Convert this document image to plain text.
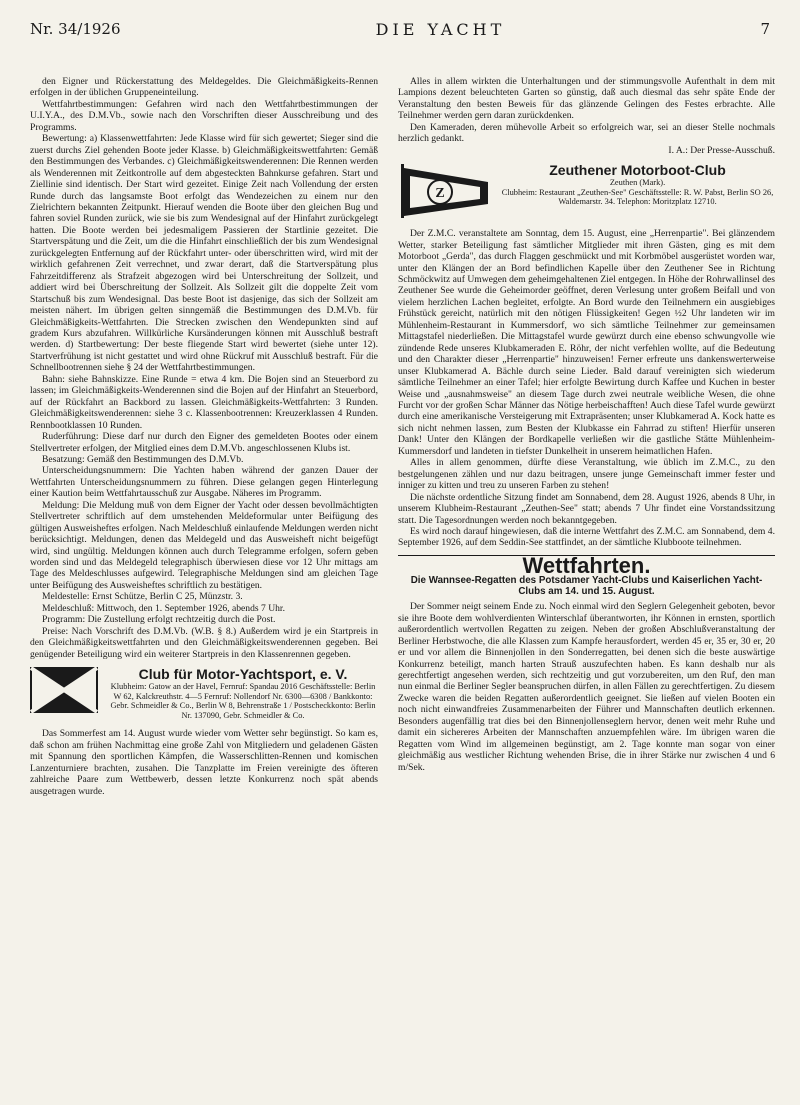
Nr. 34/1926	DIE YACHT	7

den Eigner und Rückerstattung des Meldegeldes. Die Gleichmäßigkeits-Rennen erfolgen in der üblichen Gruppeneinteilung.

Wettfahrtbestimmungen: Gefahren wird nach den Wettfahrtbestimmungen der U.I.Y.A., des D.M.Vb., sowie nach den Vorschriften dieser Ausschreibung und des Programms.

Bewertung: a) Klassenwettfahrten: Jede Klasse wird für sich gewertet; Sieger sind die zuerst durchs Ziel gehenden Boote jeder Klasse. b) Gleichmäßigkeitswettfahrten: Gemäß den Bestimmungen des Verbandes. c) Gleichmäßigkeitswenderennen: Die Rennen werden als Wenderennen mit Zeitkontrolle auf dem abgesteckten Bahnkurse gefahren. Start und Ziellinie sind identisch. Der Start wird gezeitet. Einige Zeit nach Vollendung der ersten Runde durch das langsamste Boot erfolgt das Wendezeichen zu einem nur den Zielrichtern bekannten Zeitpunkt. Hierauf wenden die Boote über den gleichen Bug und fahren soviel Runden zurück, wie sie bis zum Wendesignal auf der Hinfahrt zurückgelegt hatten. Die Boote werden bei jedesmaligem Passieren der Startlinie gezeitet. Die Startverspätung und die Zeit, um die die Hinfahrt einschließlich der bis zum Wendesignal zurückgelegten Entfernung auf der Rückfahrt unter- oder überschritten wird, wird mit der wirklich gefahrenen Zeit verrechnet, und zwar derart, daß die Startverspätung plus Fahrzeitdifferenz als Strafzeit abgezogen wird bei Unterschreitung der Sollzeit, und addiert wird bei Überschreitung der Sollzeit. Als Sollzeit gilt die doppelte Zeit vom Startschuß bis zum Wendesignal. Das beste Boot ist dasjenige, das sich der Sollzeit am meisten nähert. Im übrigen gelten sinngemäß die Bestimmungen des D.M.Vb. für Gleichmäßigkeits-Wettfahrten. Die Strecken zwischen den Wendepunkten sind auf gradem Kurs abzufahren. Willkürliche Kursänderungen können mit Ausschluß bestraft werden. d) Startbewertung: Der beste fliegende Start wird bewertet (siehe unter 12). Startverfrühung ist nicht gestattet und wird ohne Rückruf mit Ausschluß bestraft. Für die Schnellbootrennen siehe § 24 der Wettfahrtbestimmungen.

Bahn: siehe Bahnskizze. Eine Runde = etwa 4 km. Die Bojen sind an Steuerbord zu lassen; im Gleichmäßigkeits-Wenderennen sind die Bojen auf der Hinfahrt an Steuerbord, auf der Rückfahrt an Backbord zu lassen. Gleichmäßigkeits-Wettfahrten: 3 Runden. Gleichmäßigkeitswenderennen: siehe 3 c. Klassenbootrennen: Kreuzerklassen 4 Runden. Rennbootklassen 10 Runden.

Ruderführung: Diese darf nur durch den Eigner des gemeldeten Bootes oder einem Stellvertreter erfolgen, der Mitglied eines dem D.M.Vb. angeschlossenen Klubs ist.

Besatzung: Gemäß den Bestimmungen des D.M.Vb.

Unterscheidungsnummern: Die Yachten haben während der ganzen Dauer der Wettfahrten Unterscheidungsnummern zu führen. Diese gelangen gegen Hinterlegung einer Kaution beim Wettfahrtausschuß zur Ausgabe. Näheres im Programm.

Meldung: Die Meldung muß von dem Eigner der Yacht oder dessen bevollmächtigten Stellvertreter schriftlich auf dem umstehenden Meldeformular unter Beifügung des gültigen Ausweisheftes erfolgen. Nach Meldeschluß einlaufende Meldungen werden nicht berücksichtigt. Meldungen, denen das Meldegeld und das Ausweisheft nicht beigefügt wird, sind ungültig. Meldungen können auch durch Telegramme erfolgen, sofern geben worden sind und das Meldegeld telegraphisch überwiesen diese vor 12 Uhr mittags am Tage des Meldeschlusses aufgewird. Telegraphische Meldungen sind am gleichen Tage unter Beifügung des Ausweisheftes schriftlich zu bestätigen.

Meldestelle: Ernst Schütze, Berlin C 25, Münzstr. 3.

Meldeschluß: Mittwoch, den 1. September 1926, abends 7 Uhr.

Programm: Die Zustellung erfolgt rechtzeitig durch die Post.

Preise: Nach Vorschrift des D.M.Vb. (W.B. § 8.) Außerdem wird je ein Startpreis in den Gleichmäßigkeitswettfahrten und den Gleichmäßigkeitswenderennen gegeben. Bei genügender Beteiligung wird ein weiterer Startpreis in den Klassenrennen gegeben.

Club für Motor-Yachtsport, e. V.
Klubheim: Gatow an der Havel, Fernruf: Spandau 2016 Geschäftsstelle: Berlin W 62, Kalckreuthstr. 4—5 Fernruf: Nollendorf Nr. 6300—6308 / Bankkonto: Gebr. Schmeidler & Co., Berlin W 8, Behrenstraße 1 / Postscheckkonto: Berlin Nr. 137090, Gebr. Schmeidler & Co.

Das Sommerfest am 14. August wurde wieder vom Wetter sehr begünstigt. So kam es, daß schon am frühen Nachmittag eine große Zahl von Mitgliedern und geladenen Gästen mit Spannung den sportlichen Kämpfen, die Wasserschlitten-Rennen und komischen Lanzenturniere brachten, zusahen. Die Tanzplatte im Freien vereinigte des öfteren zahlreiche Paare zum Wettbewerb, dessen letzte Konkurrenz noch spät abends ausgetragen wurde.

Alles in allem wirkten die Unterhaltungen und der stimmungsvolle Aufenthalt in dem mit Lampions dezent beleuchteten Garten so günstig, daß auch diesmal das sehr späte Ende der Veranstaltung den besten Beweis für das glänzende Gelingen des Festes erbrachte. Alle Teilnehmer werden gern daran zurückdenken.

Den Kameraden, deren mühevolle Arbeit so erfolgreich war, sei an dieser Stelle nochmals herzlich gedankt.

I. A.: Der Presse-Ausschuß.
Z
Zeuthener Motorboot-Club
Zeuthen (Mark).
Clubheim: Restaurant „Zeuthen-See" Geschäftsstelle: R. W. Pabst, Berlin SO 26, Waldemarstr. 34. Telephon: Moritzplatz 12710.

Der Z.M.C. veranstaltete am Sonntag, dem 15. August, eine „Herrenpartie". Bei glänzendem Wetter, starker Beteiligung fast sämtlicher Mitglieder mit ihren Gästen, ging es mit dem Motorboot „Gerda", das durch Flaggen geschmückt und mit Korbmöbel ausgerüstet worden war, unter den Klängen der an Bord befindlichen Kapelle über den Zeuthener See in Richtung Schmöckwitz auf Umwegen dem geheimgehaltenen Ziel entgegen. In Höhe der Rohrwallinsel des Zeuthener See wurde die Geheimorder geöffnet, deren Verlesung unter großem Beifall und von vielem herzlichen Lachen begleitet, erfolgte. An Bord wurde den Teilnehmern ein ausgiebiges Frühstück gereicht, natürlich mit den nötigen Flüssigkeiten! Gegen ½2 Uhr landeten wir im Mühlenheim-Restaurant in Kummersdorf, wo sich sämtliche Teilnehmer zur gemeinsamen Mittagstafel niederließen. Die Mittagstafel wurde gewürzt durch eine ebenso schwungvolle wie zündende Rede unseres Klubkameraden E. Röhr, der nicht verfehlen wollte, auf die Bedeutung und den Charakter dieser „Herrenpartie" hinzuweisen! Ferner erfreute uns dankenswerterweise unser Klubkamerad A. Bächle durch seine Lieder. Bald darauf vereinigten sich wiederum sämtliche Teilnehmer an einer Tafel; hier erfolgte Bewirtung durch Kaffee und Kuchen in bester Weise und „ausnahmsweise" an diesem Tage durch zwei neutrale weibliche Wesen, die ohne Furcht vor der großen Schar Männer das Nötige herbeischafften! Auch diese Tafel wurde gewürzt durch eine amerikanische Versteigerung mit Extrapräsenten; unser Klubkamerad A. Kock hatte es sich nicht nehmen lassen, zum Besten der Klubkasse ein Fahrrad zu stiften! Hierfür unseren Dank! Unter den Klängen der Bordkapelle verließen wir die gastliche Stätte Mühlenheim-Kummersdorf und landeten in tiefster Dunkelheit in unserem heimatlichen Hafen.

Alles in allem genommen, dürfte diese Veranstaltung, wie üblich im Z.M.C., zu den bestgelungenen zählen und nur dazu beitragen, unsere junge Gemeinschaft immer fester und inniger zu kitten und treu zu unseren Farben zu stehen!

Die nächste ordentliche Sitzung findet am Sonnabend, dem 28. August 1926, abends 8 Uhr, in unserem Klubheim-Restaurant „Zeuthen-See" statt; abends 7 Uhr findet eine Vorstandssitzung statt. Die Tagesordnungen werden noch bekanntgegeben.

Es wird noch darauf hingewiesen, daß die interne Wettfahrt des Z.M.C. am Sonnabend, dem 4. September 1926, auf dem Seddin-See stattfindet, an der sämtliche Klubboote teilnehmen.

Wettfahrten.
Die Wannsee-Regatten des Potsdamer Yacht-Clubs und Kaiserlichen Yacht-Clubs am 14. und 15. August.

Der Sommer neigt seinem Ende zu. Noch einmal wird den Seglern Gelegenheit geboten, bevor sie ihre Boote dem wohlverdienten Winterschlaf überantworten, ihr Können in ernsten, sportlich außerordentlich wertvollen Regatten zu zeigen. Neben der großen Abschlußveranstaltung der Berliner Herbstwoche, die alle Klassen zum Kampfe herausfordert, werden 45 er, 35 er, 30 er, 20 er und vor allem die Binnenjollen in den Sonderregatten, bei denen sich die beste auswärtige Konkurrenz beteiligt, manch harten Strauß auszufechten haben. Es kann deshalb nur als gerechtfertigt angesehen werden, sich rechtzeitig und gut vorzubereiten, um den Ruf, den man nun einmal die Berliner Segler beanspruchen dürfen, in allen Fällen zu gerechtfertigen. Zu diesem Zwecke waren die beiden Regatten außerordentlich geeignet. Sie ließen auf vielen Booten ein noch nicht einwandfreies Zusammenarbeiten der Führer und Mannschaften deutlich erkennen. Besonders augenfällig trat dies bei den Binnenjollenseglern hervor, denen weit mehr Ruhe und damit ein sichereres Arbeiten der Mannschaften anzuempfehlen wäre. Im übrigen waren die Regatten vom Wind im allgemeinen begünstigt, am 2. Tage konnte man sogar von einer gleichmäßig aus westlicher Richtung wehenden Brise, die in ihrer Stärke nur zwischen 4 und 6 m/Sek.
